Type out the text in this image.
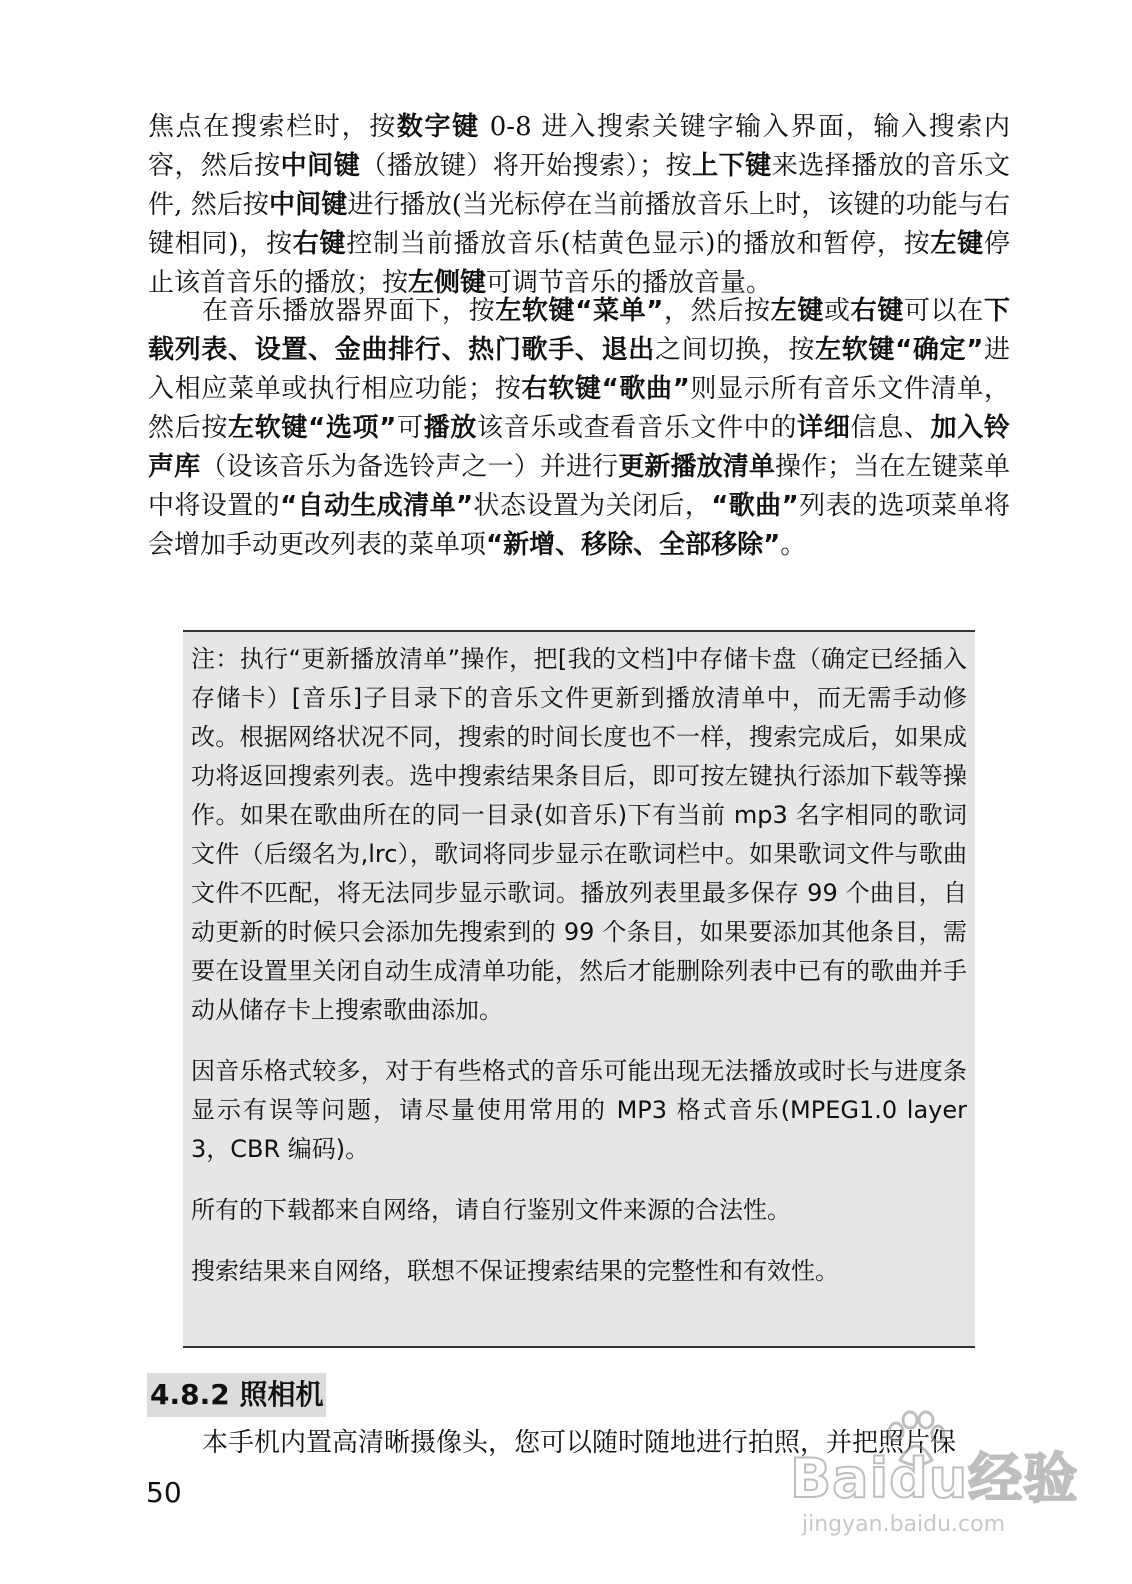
焦点在搜索栏时，按数字键 0-8 进入搜索关键字输入界面，输入搜索内容，然后按中间键（播放键）将开始搜索）；按上下键来选择播放的音乐文件, 然后按中间键进行播放(当光标停在当前播放音乐上时，该键的功能与右键相同)，按右键控制当前播放音乐(桔黄色显示)的播放和暂停，按左键停止该首音乐的播放；按左侧键可调节音乐的播放音量。

在音乐播放器界面下，按左软键“菜单”，然后按左键或右键可以在下载列表、设置、金曲排行、热门歌手、退出之间切换，按左软键“确定”进入相应菜单或执行相应功能；按右软键“歌曲”则显示所有音乐文件清单，然后按左软键“选项”可播放该音乐或查看音乐文件中的详细信息、加入铃声库（设该音乐为备选铃声之一）并进行更新播放清单操作；当在左键菜单中将设置的“自动生成清单”状态设置为关闭后，“歌曲”列表的选项菜单将会增加手动更改列表的菜单项“新增、移除、全部移除”。

注：执行“更新播放清单”操作，把[我的文档]中存储卡盘（确定已经插入存储卡）[音乐]子目录下的音乐文件更新到播放清单中，而无需手动修改。根据网络状况不同，搜索的时间长度也不一样，搜索完成后，如果成功将返回搜索列表。选中搜索结果条目后，即可按左键执行添加下载等操作。如果在歌曲所在的同一目录(如音乐)下有当前 mp3 名字相同的歌词文件（后缀名为,lrc），歌词将同步显示在歌词栏中。如果歌词文件与歌曲文件不匹配，将无法同步显示歌词。播放列表里最多保存 99 个曲目，自动更新的时候只会添加先搜索到的 99 个条目，如果要添加其他条目，需要在设置里关闭自动生成清单功能，然后才能删除列表中已有的歌曲并手动从储存卡上搜索歌曲添加。

因音乐格式较多，对于有些格式的音乐可能出现无法播放或时长与进度条显示有误等问题，请尽量使用常用的 MP3 格式音乐(MPEG1.0 layer 3，CBR 编码)。

所有的下载都来自网络，请自行鉴别文件来源的合法性。

搜索结果来自网络，联想不保证搜索结果的完整性和有效性。

4.8.2 照相机

本手机内置高清晰摄像头，您可以随时随地进行拍照，并把照片保

50	Baidu经验
jingyan.baidu.com
